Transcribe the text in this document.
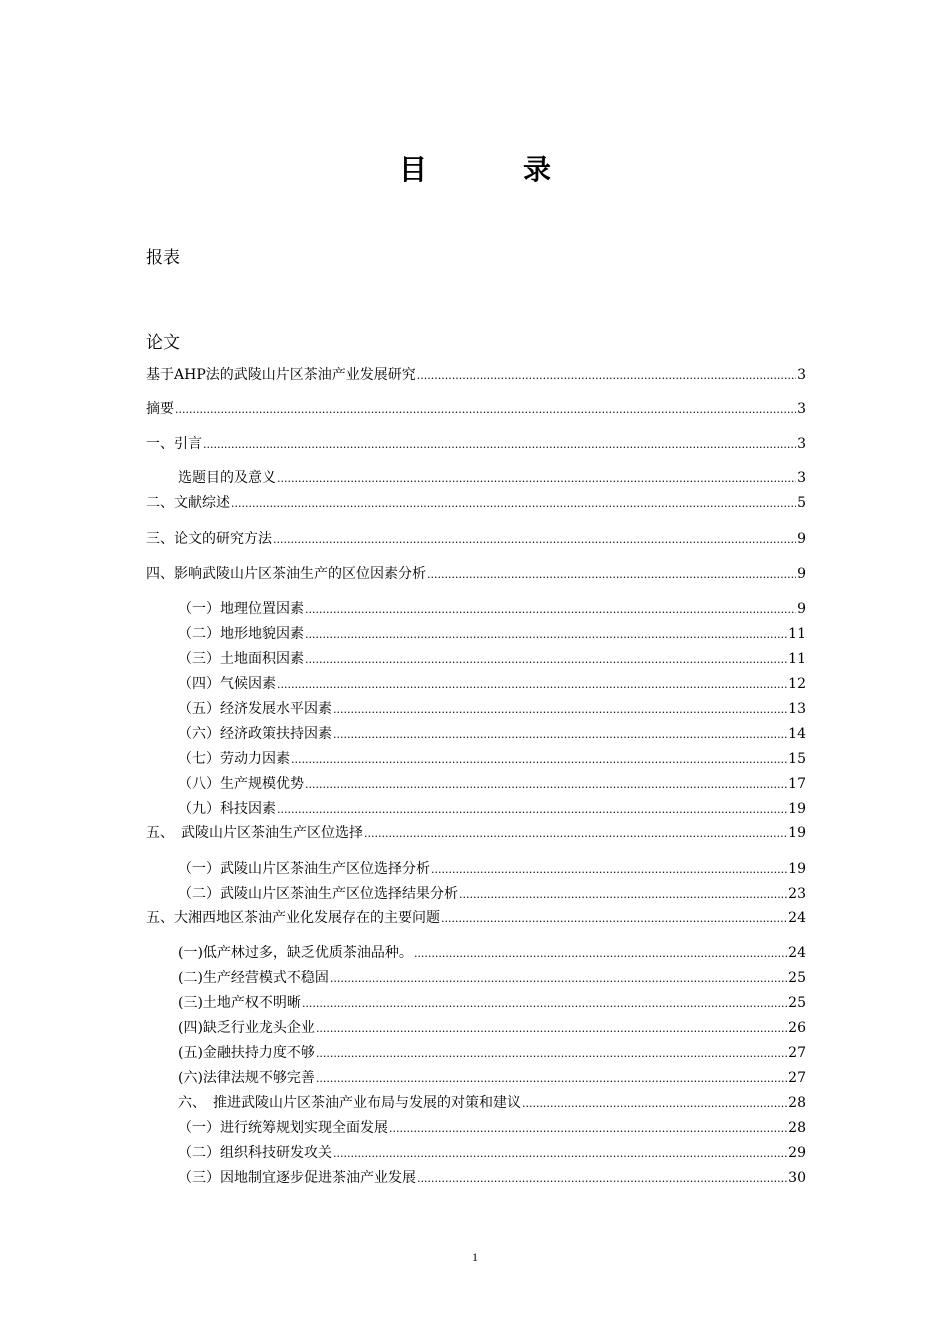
目　录
报表
论文
基于AHP法的武陵山片区茶油产业发展研究 .....	3
摘要 .....	3
一、引言 .....	3
选题目的及意义 .....	3
二、文献综述 .....	5
三、论文的研究方法 .....	9
四、影响武陵山片区茶油生产的区位因素分析 .....	9
（一）地理位置因素 .....	9
（二）地形地貌因素 .....	11
（三）土地面积因素 .....	11
（四）气候因素 .....	12
（五）经济发展水平因素 .....	13
（六）经济政策扶持因素 .....	14
（七）劳动力因素 .....	15
（八）生产规模优势 .....	17
（九）科技因素 .....	19
五、　武陵山片区茶油生产区位选择 .....	19
（一）武陵山片区茶油生产区位选择分析 .....	19
（二）武陵山片区茶油生产区位选择结果分析 .....	23
五、大湘西地区茶油产业化发展存在的主要问题 .....	24
(一)低产林过多，缺乏优质茶油品种。 .....	24
(二)生产经营模式不稳固 .....	25
(三)土地产权不明晰 .....	25
(四)缺乏行业龙头企业 .....	26
(五)金融扶持力度不够 .....	27
(六)法律法规不够完善 .....	27
六、　推进武陵山片区茶油产业布局与发展的对策和建议 .....	28
（一）进行统筹规划实现全面发展 .....	28
（二）组织科技研发攻关 .....	29
（三）因地制宜逐步促进茶油产业发展 .....	30
1
